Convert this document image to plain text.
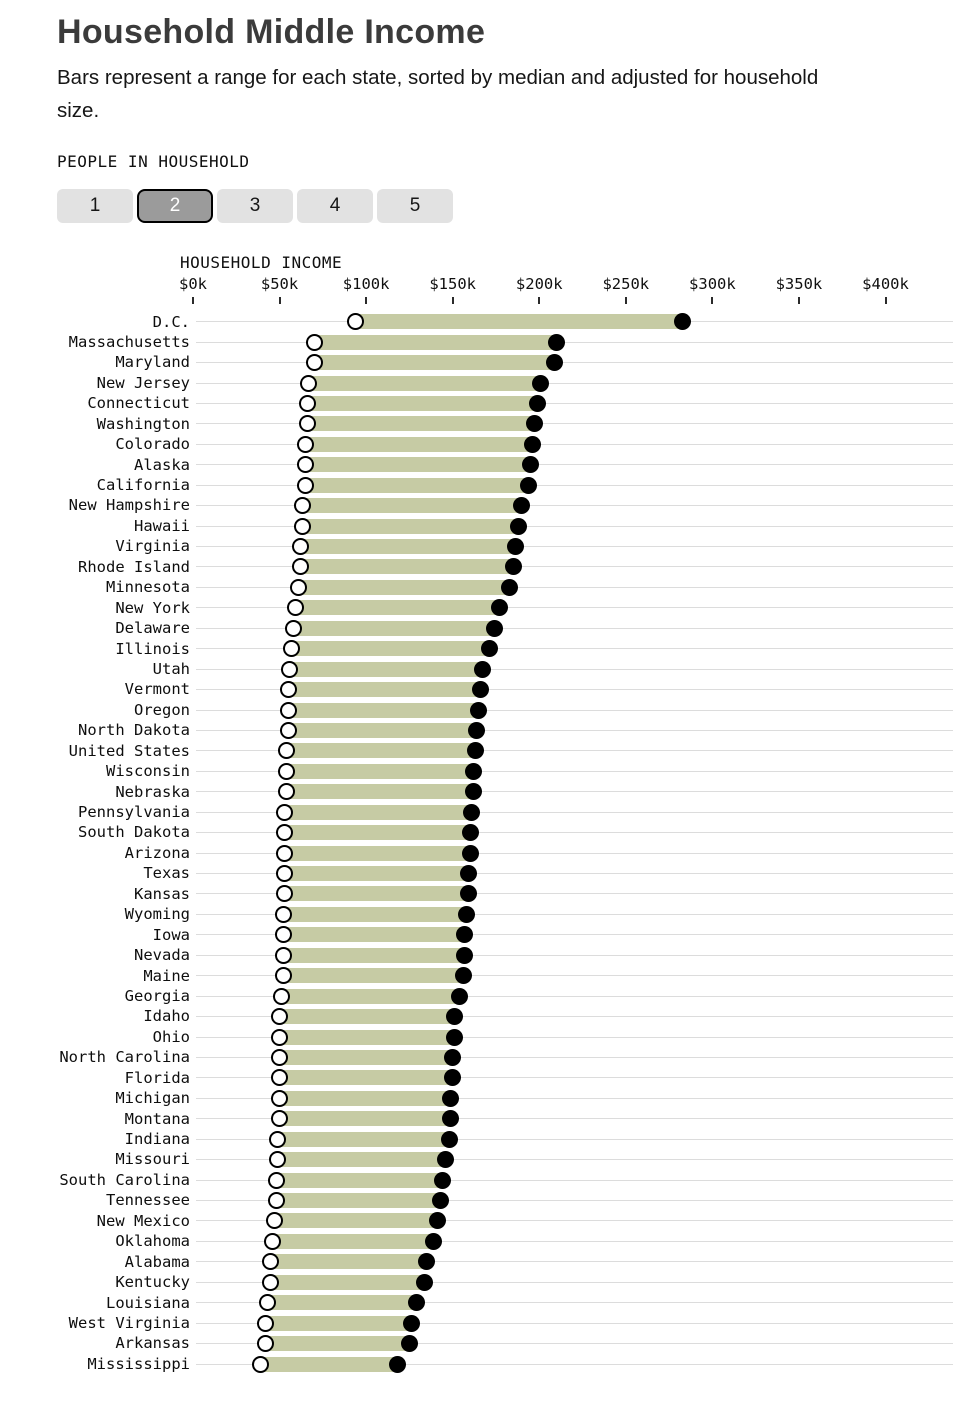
Household Middle Income

Bars represent a range for each state, sorted by median and adjusted for household size.

PEOPLE IN HOUSEHOLD
1	2	3	4	5
HOUSEHOLD INCOME
D.C.
Massachusetts
Maryland
New Jersey
Connecticut
Washington
Colorado
Alaska
California
New Hampshire
Hawaii
Virginia
Rhode Island
Minnesota
New York
Delaware
Illinois
Utah
Vermont
Oregon
North Dakota
United States
Wisconsin
Nebraska
Pennsylvania
South Dakota
Arizona
Texas
Kansas
Wyoming
Iowa
Nevada
Maine
Georgia
Idaho
Ohio
North Carolina
Florida
Michigan
Montana
Indiana
Missouri
South Carolina
Tennessee
New Mexico
Oklahoma
Alabama
Kentucky
Louisiana
West Virginia
Arkansas
Mississippi
$0k	$50k	$100k	$150k	$200k	$250k	$300k	$350k	$400k
